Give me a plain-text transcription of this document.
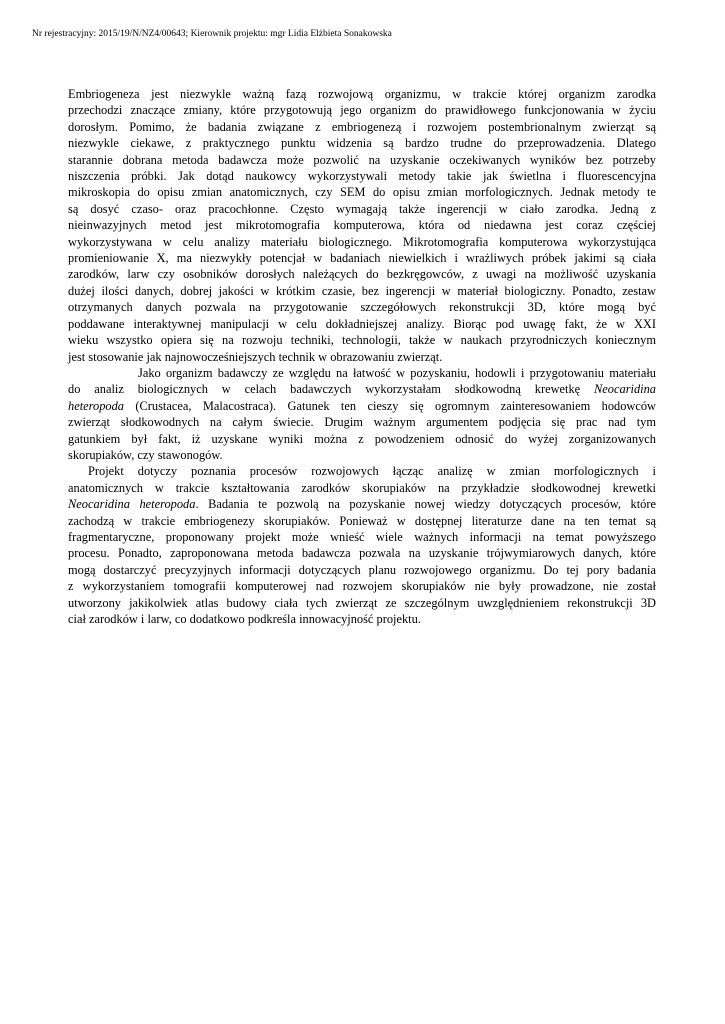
Nr rejestracyjny: 2015/19/N/NZ4/00643; Kierownik projektu: mgr Lidia Elżbieta Sonakowska

Embriogeneza jest niezwykle ważną fazą rozwojową organizmu, w trakcie której organizm zarodka
przechodzi znaczące zmiany, które przygotowują jego organizm do prawidłowego funkcjonowania w życiu
dorosłym. Pomimo, że badania związane z embriogenezą i rozwojem postembrionalnym zwierząt są
niezwykle ciekawe, z praktycznego punktu widzenia są bardzo trudne do przeprowadzenia. Dlatego
starannie dobrana metoda badawcza może pozwolić na uzyskanie oczekiwanych wyników bez potrzeby
niszczenia próbki. Jak dotąd naukowcy wykorzystywali metody takie jak świetlna i fluorescencyjna
mikroskopia do opisu zmian anatomicznych, czy SEM do opisu zmian morfologicznych. Jednak metody te
są dosyć czaso- oraz pracochłonne. Często wymagają także ingerencji w ciało zarodka. Jedną z
nieinwazyjnych metod jest mikrotomografia komputerowa, która od niedawna jest coraz częściej
wykorzystywana w celu analizy materiału biologicznego. Mikrotomografia komputerowa wykorzystująca
promieniowanie X, ma niezwykły potencjał w badaniach niewielkich i wrażliwych próbek jakimi są ciała
zarodków, larw czy osobników dorosłych należących do bezkręgowców, z uwagi na możliwość uzyskania
dużej ilości danych, dobrej jakości w krótkim czasie, bez ingerencji w materiał biologiczny. Ponadto, zestaw
otrzymanych danych pozwala na przygotowanie szczegółowych rekonstrukcji 3D, które mogą być
poddawane interaktywnej manipulacji w celu dokładniejszej analizy. Biorąc pod uwagę fakt, że w XXI
wieku wszystko opiera się na rozwoju techniki, technologii, także w naukach przyrodniczych koniecznym
jest stosowanie jak najnowocześniejszych technik w obrazowaniu zwierząt.

Jako organizm badawczy ze względu na łatwość w pozyskaniu, hodowli i przygotowaniu materiału
do analiz biologicznych w celach badawczych wykorzystałam słodkowodną krewetkę Neocaridina
heteropoda (Crustacea, Malacostraca). Gatunek ten cieszy się ogromnym zainteresowaniem hodowców
zwierząt słodkowodnych na całym świecie. Drugim ważnym argumentem podjęcia się prac nad tym
gatunkiem był fakt, iż uzyskane wyniki można z powodzeniem odnosić do wyżej zorganizowanych
skorupiaków, czy stawonogów.

Projekt dotyczy poznania procesów rozwojowych łącząc analizę w zmian morfologicznych i
anatomicznych w trakcie kształtowania zarodków skorupiaków na przykładzie słodkowodnej krewetki
Neocaridina heteropoda. Badania te pozwolą na pozyskanie nowej wiedzy dotyczących procesów, które
zachodzą w trakcie embriogenezy skorupiaków. Ponieważ w dostępnej literaturze dane na ten temat są
fragmentaryczne, proponowany projekt może wnieść wiele ważnych informacji na temat powyższego
procesu. Ponadto, zaproponowana metoda badawcza pozwala na uzyskanie trójwymiarowych danych, które
mogą dostarczyć precyzyjnych informacji dotyczących planu rozwojowego organizmu. Do tej pory badania
z wykorzystaniem tomografii komputerowej nad rozwojem skorupiaków nie były prowadzone, nie został
utworzony jakikolwiek atlas budowy ciała tych zwierząt ze szczególnym uwzględnieniem rekonstrukcji 3D
ciał zarodków i larw, co dodatkowo podkreśla innowacyjność projektu.
